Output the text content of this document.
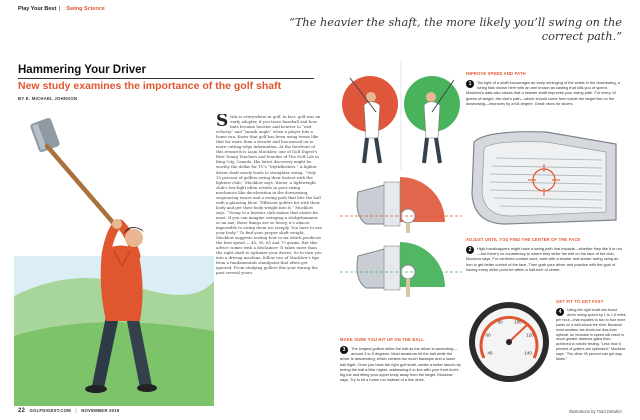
Play Your Best Swing Science
“The heavier the shaft, the more likely you’ll swing on the correct path.”
Hammering Your Driver
New study examines the importance of the golf shaft
BY E. MICHAEL JOHNSON
Stick is everywhere in golf. In fact, golf was an early adopter, if you trace baseball and how bats became heavier and heavier to “exit velocity” and “smash angle” when a player hits a home run. Know that golf has been using terms like that for more than a decade and has moved on to more cutting-edge information. At the forefront of this research is Liam Mucklow, one of Golf Digest's Best Young Teachers and founder of The Golf Lab in King City, Canada. His latest discovery might be worthy the dollar for TV's “MythBusters.” A lighter driver shaft rarely leads to straighter swing. “Only 15 percent of golfers swing their fastest with the lightest club,” Mucklow says. Worse, a lightweight club's low-light often results in poor swing mechanics like deceleration in the downswing, sequencing issues and a swing path that hits the ball with a glancing blow. “Efficient golfers hit with their body and get their body weight into it,” Mucklow says. “Going to a heavier club makes that easier for most. If you can imagine swinging a sledgehammer or an axe, those things are so heavy, it's almost impossible to swing them too steeply. You have to use your body.” To find your proper shaft weight, Mucklow suggests testing four to six which produces the best speed — 45, 55, 65 and 75 grams. But this advice comes with a disclaimer: It takes more than the right shaft to optimize your drives. So to turn you into a driving machine, follow two of Mucklow's tips from a fundamentals standpoint that often get ignored. From studying golfers this year during the past several years.
IMPROVE SPEED AND PATH
1	Too light of a shaft encourages an early unhinging of the wrists in the downswing, a swing flaw shown here with an arm known as casting that kills you of speed. Mucklow's data also shows that a heavier shaft improves your swing path. For every 10 grams of weight, the club's path—which should come from inside the target line on the downswing—improves by a full degree. Great news for slicers.
ADJUST UNTIL YOU FIND THE CENTER OF THE FACE
2	High-handicappers might have a swing path that impacts—whether they like it or not—but there's no consistency to where they strike the ball on the face of the club, Mucklow says. For centered-contact work, start with a shorter and slower swing using an iron to get better control of the face. Then grab your driver and practice with the goal of having every strike point be within a half-inch of center.
MAKE SURE YOU HIT UP ON THE BALL
3	The longest golfers strike the ball as the driver is ascending—around 3 to 5 degrees. Most amateurs hit the ball while the driver is descending, which creates too much backspin and a lower ball flight. Once you have the right golf shaft, create a better launch by teeing the ball a little higher, addressing it in line with your front foot's big toe and tilting your upper body away from the target, Mucklow says. Try to hit a home run instead of a line drive.
40
60
80	100
120
140
GET FIT TO GET FAST
4	Using the right shaft can boost driver swing speed by 1 to 1.5 miles per hour—that equates to two to four more yards on a well-struck tee shot. Because most amateur tee shots are less than optimal, an increase in speed will result in much greater distance gains than achieved in robotic testing. “Less than 5 percent of golfers are optimized,” Mucklow says. “The other 95 percent can get way faster.”
22 GOLFDIGEST.COM | NOVEMBER 2019	Illustrations by Todd Detwiler
